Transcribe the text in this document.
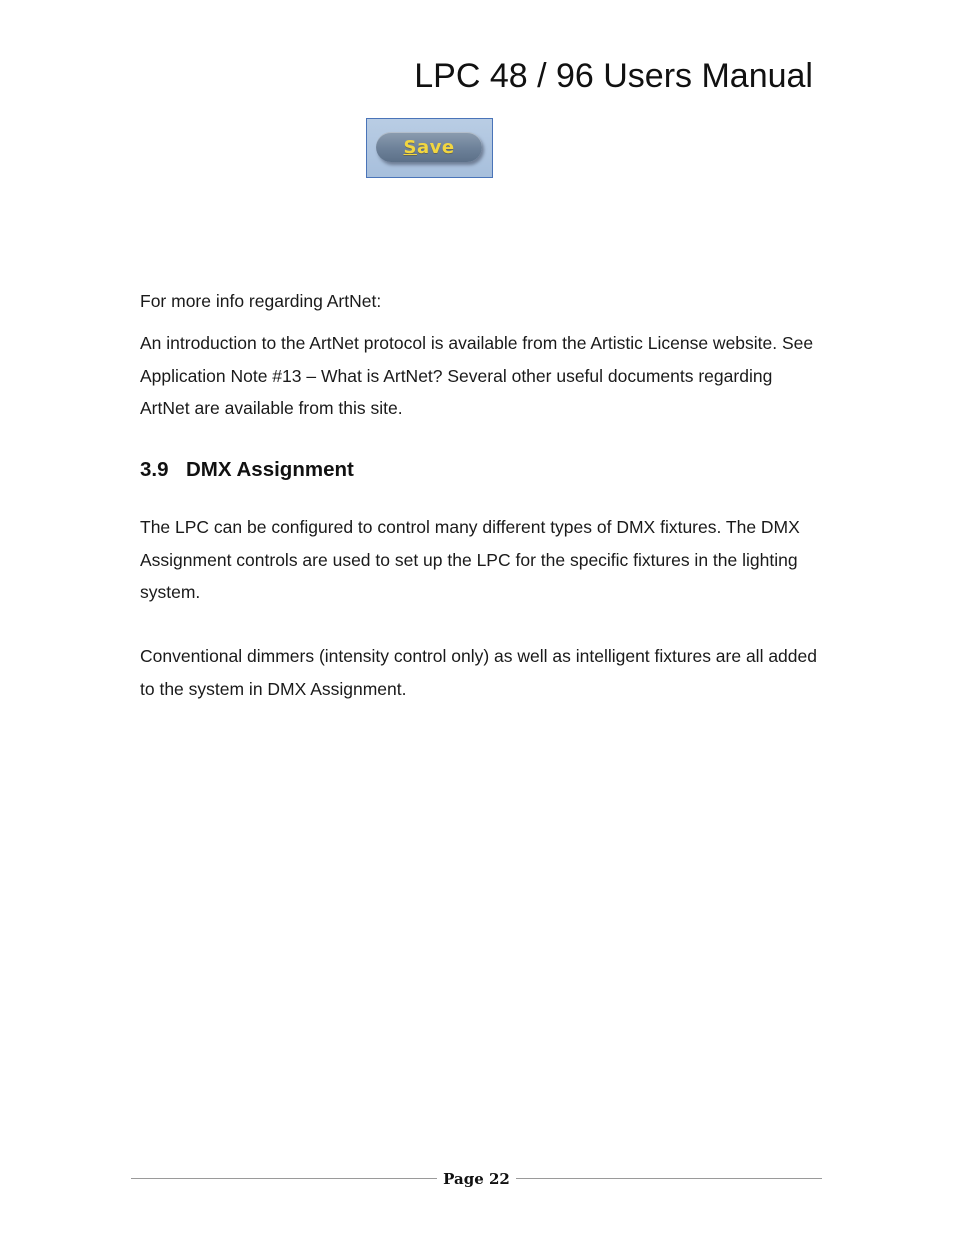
LPC 48 / 96 Users Manual
Save
For more info regarding ArtNet:
An introduction to the ArtNet protocol is available from the Artistic License website. See Application Note #13 – What is ArtNet? Several other useful documents regarding ArtNet are available from this site.
3.9 DMX Assignment
The LPC can be configured to control many different types of DMX fixtures. The DMX Assignment controls are used to set up the LPC for the specific fixtures in the lighting system.
Conventional dimmers (intensity control only) as well as intelligent fixtures are all added to the system in DMX Assignment.
Page 22
